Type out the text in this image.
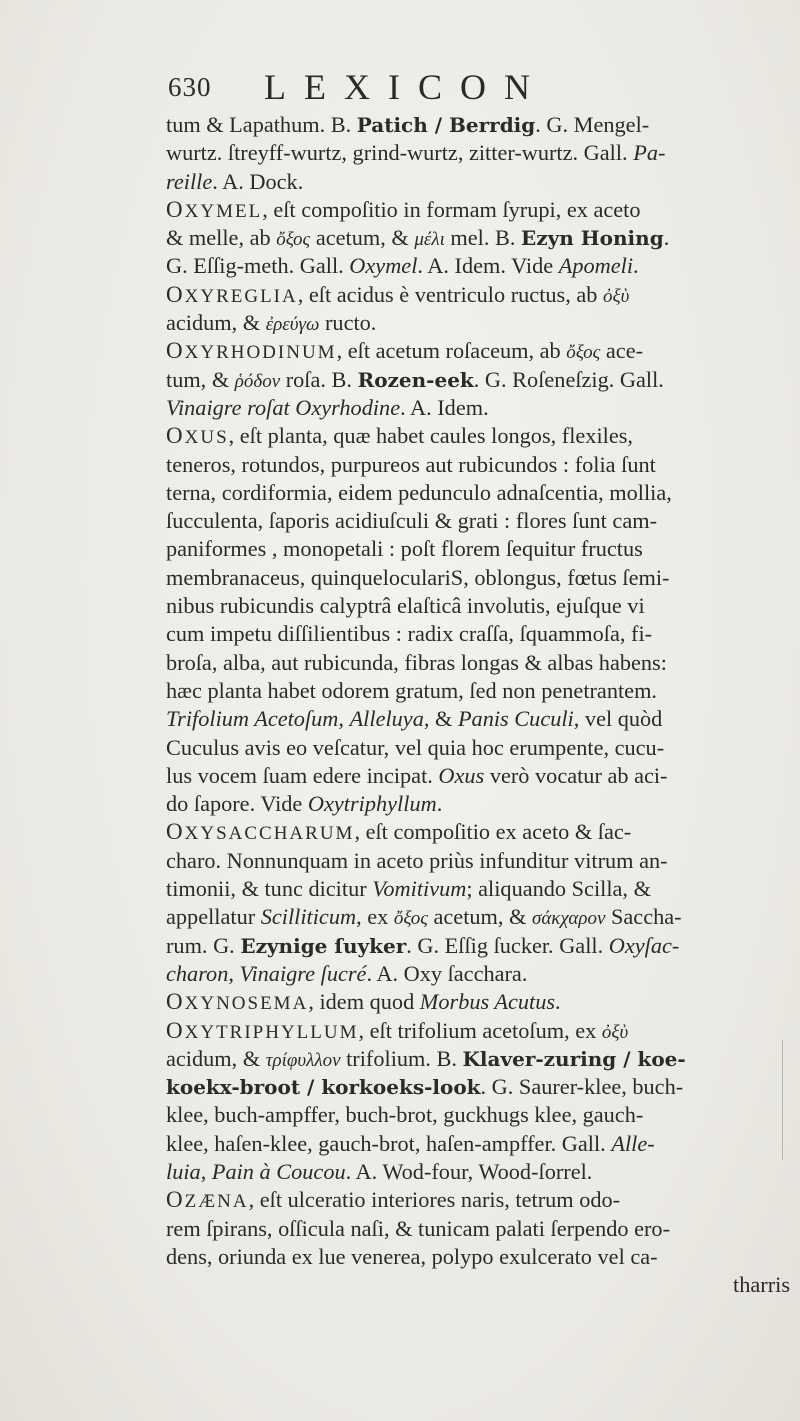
630 LEXICON
tum & Lapathum. B. Patich / Berrdig. G. Mengel-
wurtz. ſtreyff-wurtz, grind-wurtz, zitter-wurtz. Gall. Pa-
reille. A. Dock.
OXYMEL, eſt compoſitio in formam ſyrupi, ex aceto
& melle, ab ὄξος acetum, & μέλι mel. B. Ezyn Honing.
G. Eſſig-meth. Gall. Oxymel. A. Idem. Vide Apomeli.
OXYREGLIA, eſt acidus è ventriculo ructus, ab ὀξὺ
acidum, & ἐρεύγω ructo.
OXYRHODINUM, eſt acetum roſaceum, ab ὄξος ace-
tum, & ῥόδον roſa. B. Rozen-eek. G. Roſeneſzig. Gall.
Vinaigre roſat Oxyrhodine. A. Idem.
OXUS, eſt planta, quæ habet caules longos, flexiles,
teneros, rotundos, purpureos aut rubicundos : folia ſunt
terna, cordiformia, eidem pedunculo adnaſcentia, mollia,
ſucculenta, ſaporis acidiuſculi & grati : flores ſunt cam-
paniformes , monopetali : poſt florem ſequitur fructus
membranaceus, quinqueloculariS, oblongus, fœtus ſemi-
nibus rubicundis calyptrâ elaſticâ involutis, ejuſque vi
cum impetu diſſilientibus : radix craſſa, ſquammoſa, fi-
broſa, alba, aut rubicunda, fibras longas & albas habens:
hæc planta habet odorem gratum, ſed non penetrantem.
Trifolium Acetoſum, Alleluya, & Panis Cuculi, vel quòd
Cuculus avis eo veſcatur, vel quia hoc erumpente, cucu-
lus vocem ſuam edere incipat. Oxus verò vocatur ab aci-
do ſapore. Vide Oxytriphyllum.
OXYSACCHARUM, eſt compoſitio ex aceto & ſac-
charo. Nonnunquam in aceto priùs infunditur vitrum an-
timonii, & tunc dicitur Vomitivum; aliquando Scilla, &
appellatur Scilliticum, ex ὄξος acetum, & σάκχαρον Saccha-
rum. G. Ezynige ſuyker. G. Eſſig ſucker. Gall. Oxyſac-
charon, Vinaigre ſucré. A. Oxy ſacchara.
OXYNOSEMA, idem quod Morbus Acutus.
OXYTRIPHYLLUM, eſt trifolium acetoſum, ex ὀξὺ
acidum, & τρίφυλλον trifolium. B. Klaver-zuring / koe-
koekx-broot / korkoeks-look. G. Saurer-klee, buch-
klee, buch-ampffer, buch-brot, guckhugs klee, gauch-
klee, haſen-klee, gauch-brot, haſen-ampffer. Gall. Alle-
luia, Pain à Coucou. A. Wod-four, Wood-ſorrel.
OZÆNA, eſt ulceratio interiores naris, tetrum odo-
rem ſpirans, oſſicula naſi, & tunicam palati ſerpendo ero-
dens, oriunda ex lue venerea, polypo exulcerato vel ca-
tharris
